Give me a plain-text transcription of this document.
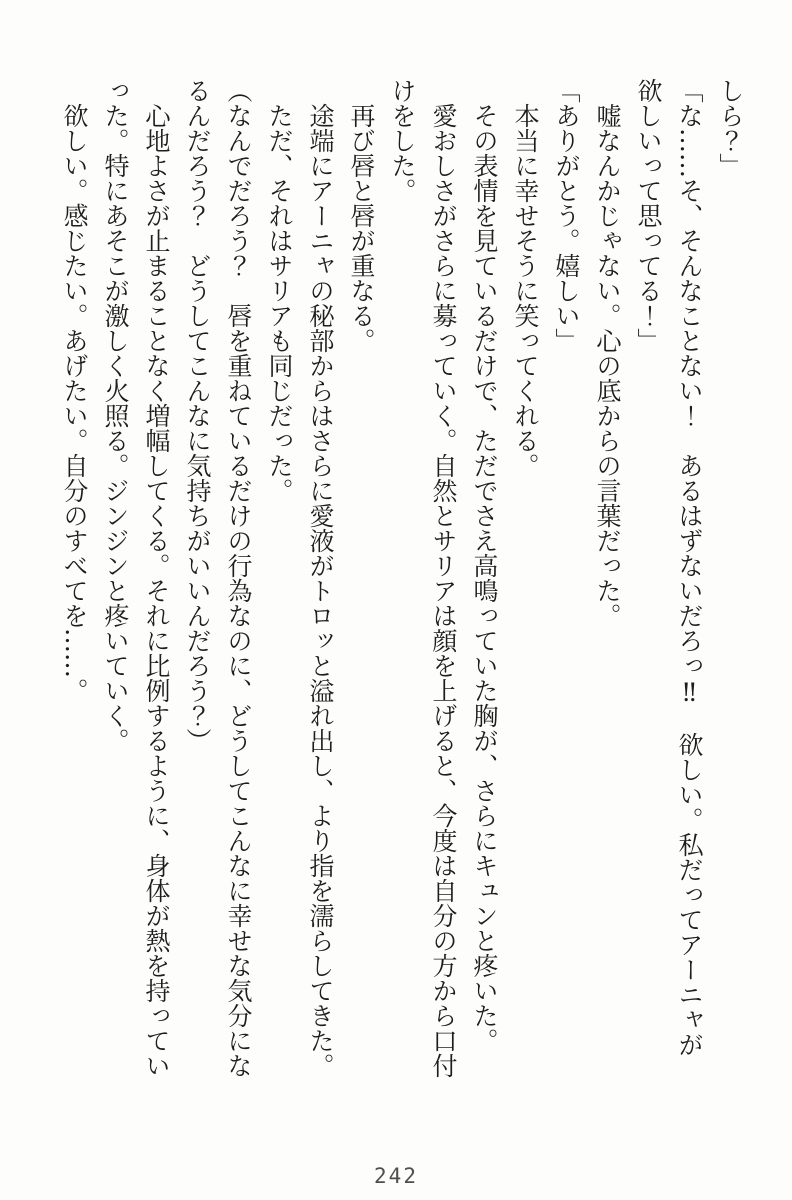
しら？」

「な……そ、そんなことない！　あるはずないだろっ‼　欲しい。私だってアーニャが欲しいって思ってる！」

嘘なんかじゃない。心の底からの言葉だった。

「ありがとう。嬉しい」

本当に幸せそうに笑ってくれる。

その表情を見ているだけで、ただでさえ高鳴っていた胸が、さらにキュンと疼いた。

愛おしさがさらに募っていく。自然とサリアは顔を上げると、今度は自分の方から口付けをした。

再び唇と唇が重なる。

途端にアーニャの秘部からはさらに愛液がトロッと溢れ出し、より指を濡らしてきた。

ただ、それはサリアも同じだった。

（なんでだろう？　唇を重ねているだけの行為なのに、どうしてこんなに幸せな気分になるんだろう？　どうしてこんなに気持ちがいいんだろう？）

心地よさが止まることなく増幅してくる。それに比例するように、身体が熱を持っていった。特にあそこが激しく火照る。ジンジンと疼いていく。

欲しい。感じたい。あげたい。自分のすべてを……。

242
